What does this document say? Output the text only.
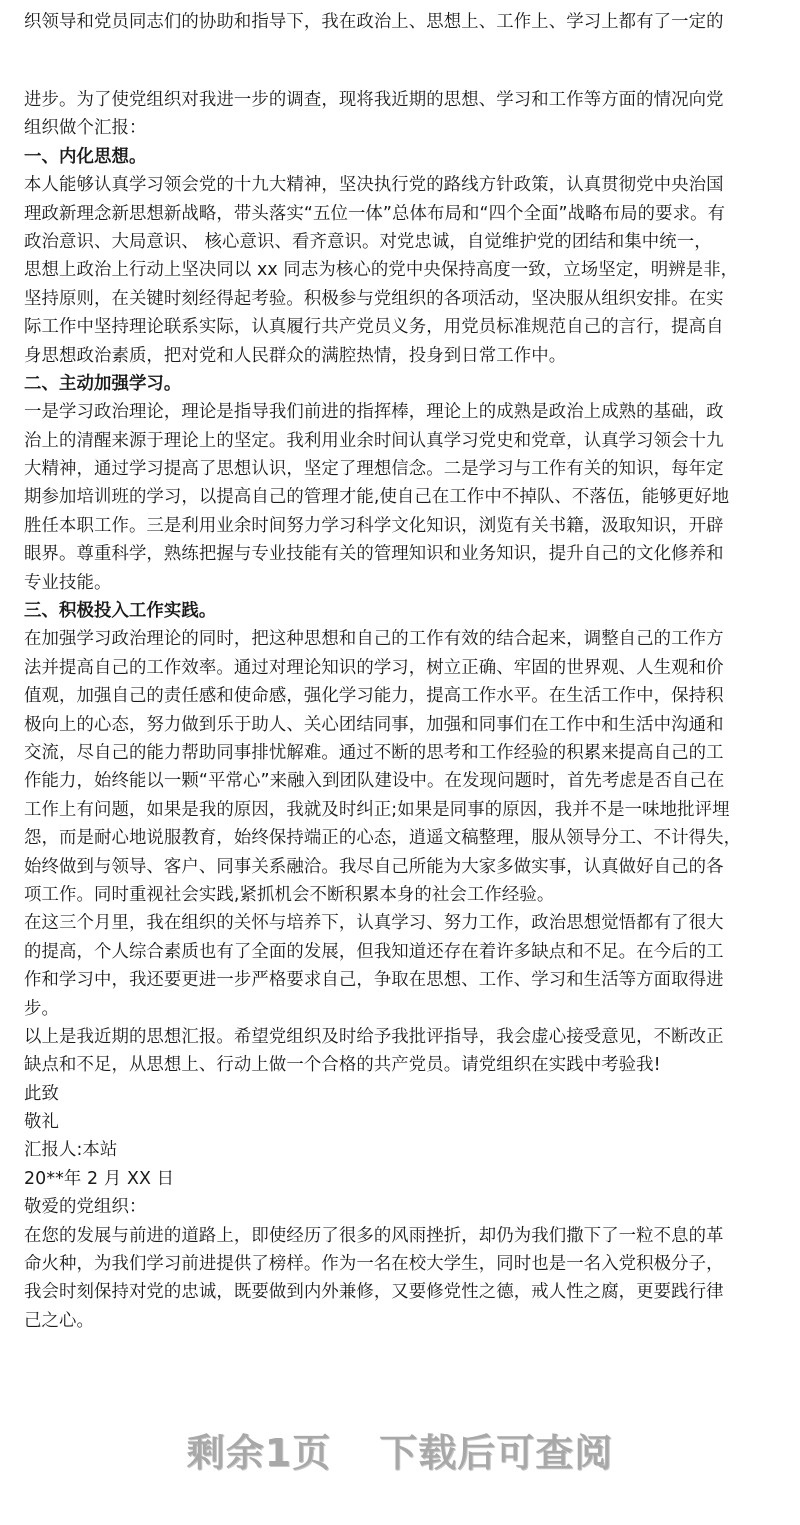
织领导和党员同志们的协助和指导下，我在政治上、思想上、工作上、学习上都有了一定的
进步。为了使党组织对我进一步的调查，现将我近期的思想、学习和工作等方面的情况向党
组织做个汇报：
一、内化思想。
本人能够认真学习领会党的十九大精神，坚决执行党的路线方针政策，认真贯彻党中央治国
理政新理念新思想新战略，带头落实“五位一体”总体布局和“四个全面”战略布局的要求。有
政治意识、大局意识、 核心意识、看齐意识。对党忠诚，自觉维护党的团结和集中统一，
思想上政治上行动上坚决同以 xx 同志为核心的党中央保持高度一致，立场坚定，明辨是非，
坚持原则，在关键时刻经得起考验。积极参与党组织的各项活动，坚决服从组织安排。在实
际工作中坚持理论联系实际，认真履行共产党员义务，用党员标准规范自己的言行，提高自
身思想政治素质，把对党和人民群众的满腔热情，投身到日常工作中。
二、主动加强学习。
一是学习政治理论，理论是指导我们前进的指挥棒，理论上的成熟是政治上成熟的基础，政
治上的清醒来源于理论上的坚定。我利用业余时间认真学习党史和党章，认真学习领会十九
大精神，通过学习提高了思想认识，坚定了理想信念。二是学习与工作有关的知识，每年定
期参加培训班的学习，以提高自己的管理才能,使自己在工作中不掉队、不落伍，能够更好地
胜任本职工作。三是利用业余时间努力学习科学文化知识，浏览有关书籍，汲取知识，开辟
眼界。尊重科学，熟练把握与专业技能有关的管理知识和业务知识，提升自己的文化修养和
专业技能。
三、积极投入工作实践。
在加强学习政治理论的同时，把这种思想和自己的工作有效的结合起来，调整自己的工作方
法并提高自己的工作效率。通过对理论知识的学习，树立正确、牢固的世界观、人生观和价
值观，加强自己的责任感和使命感，强化学习能力，提高工作水平。在生活工作中，保持积
极向上的心态，努力做到乐于助人、关心团结同事，加强和同事们在工作中和生活中沟通和
交流，尽自己的能力帮助同事排忧解难。通过不断的思考和工作经验的积累来提高自己的工
作能力，始终能以一颗“平常心”来融入到团队建设中。在发现问题时，首先考虑是否自己在
工作上有问题，如果是我的原因，我就及时纠正;如果是同事的原因，我并不是一味地批评埋
怨，而是耐心地说服教育，始终保持端正的心态，逍遥文稿整理，服从领导分工、不计得失，
始终做到与领导、客户、同事关系融洽。我尽自己所能为大家多做实事，认真做好自己的各
项工作。同时重视社会实践,紧抓机会不断积累本身的社会工作经验。
在这三个月里，我在组织的关怀与培养下，认真学习、努力工作，政治思想觉悟都有了很大
的提高，个人综合素质也有了全面的发展，但我知道还存在着许多缺点和不足。在今后的工
作和学习中，我还要更进一步严格要求自己，争取在思想、工作、学习和生活等方面取得进
步。
以上是我近期的思想汇报。希望党组织及时给予我批评指导，我会虚心接受意见，不断改正
缺点和不足，从思想上、行动上做一个合格的共产党员。请党组织在实践中考验我!
此致
敬礼
汇报人:本站
20**年 2 月 XX 日
敬爱的党组织：
在您的发展与前进的道路上，即使经历了很多的风雨挫折，却仍为我们撒下了一粒不息的革
命火种，为我们学习前进提供了榜样。作为一名在校大学生，同时也是一名入党积极分子，
我会时刻保持对党的忠诚，既要做到内外兼修，又要修党性之德，戒人性之腐，更要践行律
己之心。
剩余1页 下载后可查阅
